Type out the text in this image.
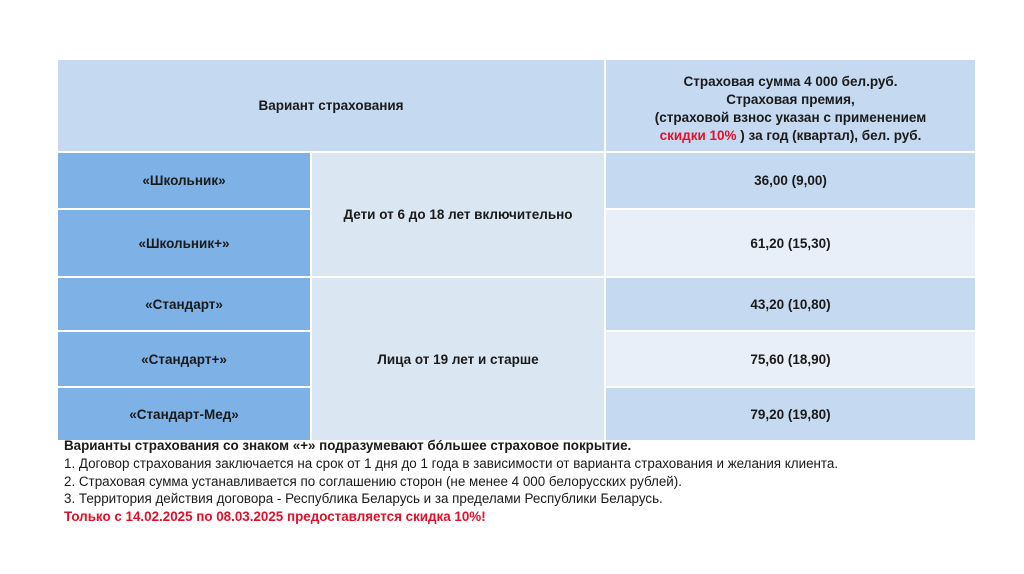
Вариант страхования		Страховая сумма 4 000 бел.руб.
Страховая премия,
(страховой взнос указан с применением
скидки 10% ) за год (квартал), бел. руб.

«Школьник»	Дети от 6 до 18 лет включительно	36,00 (9,00)
«Школьник+»		61,20 (15,30)
«Стандарт»	Лица от 19 лет и старше	43,20 (10,80)
«Стандарт+»		75,60 (18,90)
«Стандарт-Мед»		79,20 (19,80)
Варианты страхования со знаком «+» подразумевают бóльшее страховое покрытие.
1. Договор страхования заключается на срок от 1 дня до 1 года в зависимости от варианта страхования и желания клиента.
2. Страховая сумма устанавливается по соглашению сторон (не менее 4 000 белорусских рублей).
3. Территория действия договора - Республика Беларусь и за пределами Республики Беларусь.
Только с 14.02.2025 по 08.03.2025 предоставляется скидка 10%!
